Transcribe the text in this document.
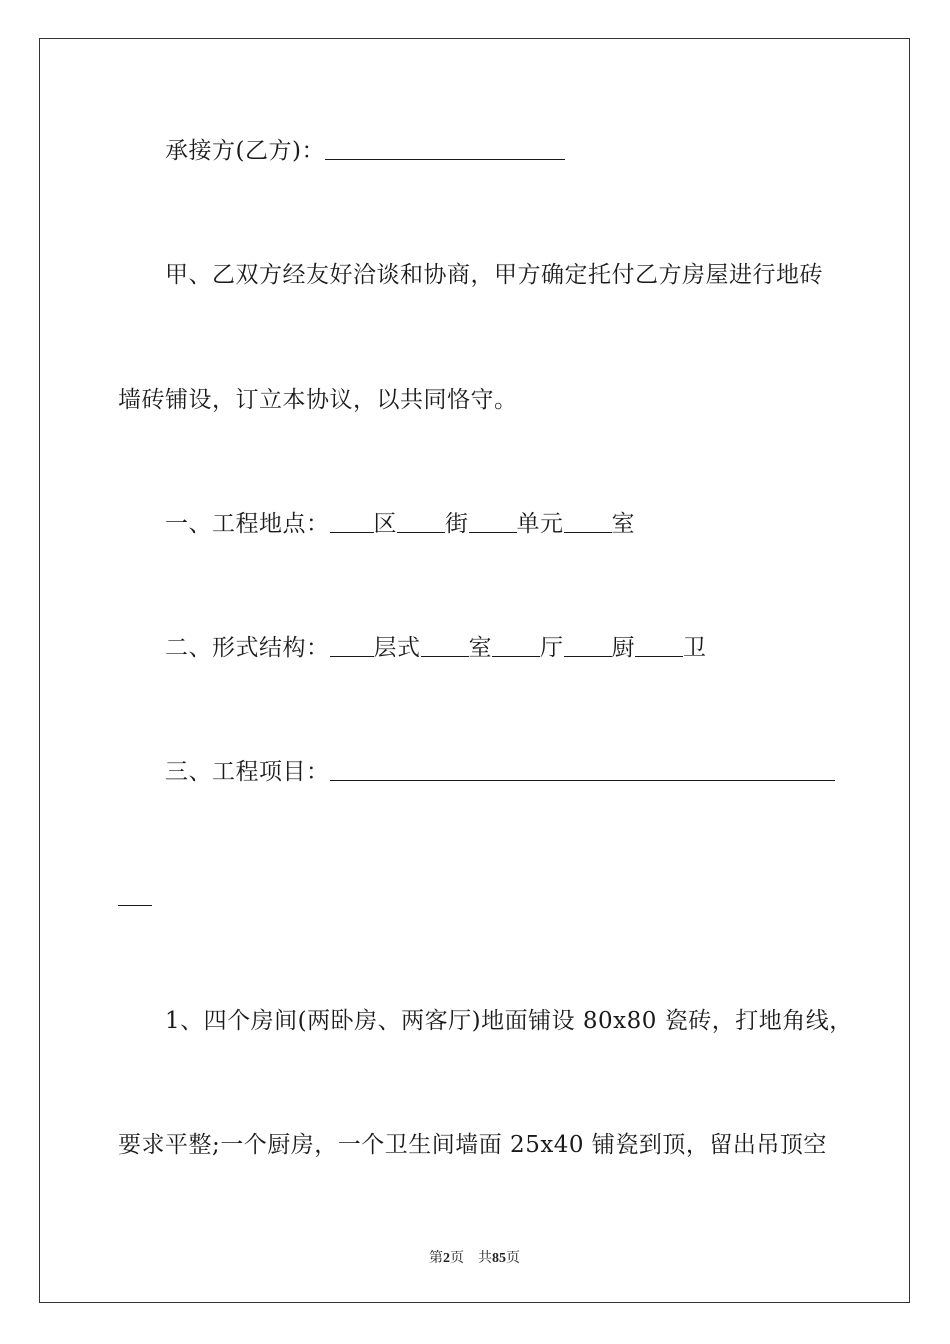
承接方(乙方)：
甲、乙双方经友好洽谈和协商，甲方确定托付乙方房屋进行地砖
墙砖铺设，订立本协议，以共同恪守。
一、工程地点： 区 街 单元 室
二、形式结构： 层式 室 厅 厨 卫
三、工程项目：
1、四个房间(两卧房、两客厅)地面铺设 80x80 瓷砖，打地角线，
要求平整;一个厨房，一个卫生间墙面 25x40 铺瓷到顶，留出吊顶空
第2页 共85页
